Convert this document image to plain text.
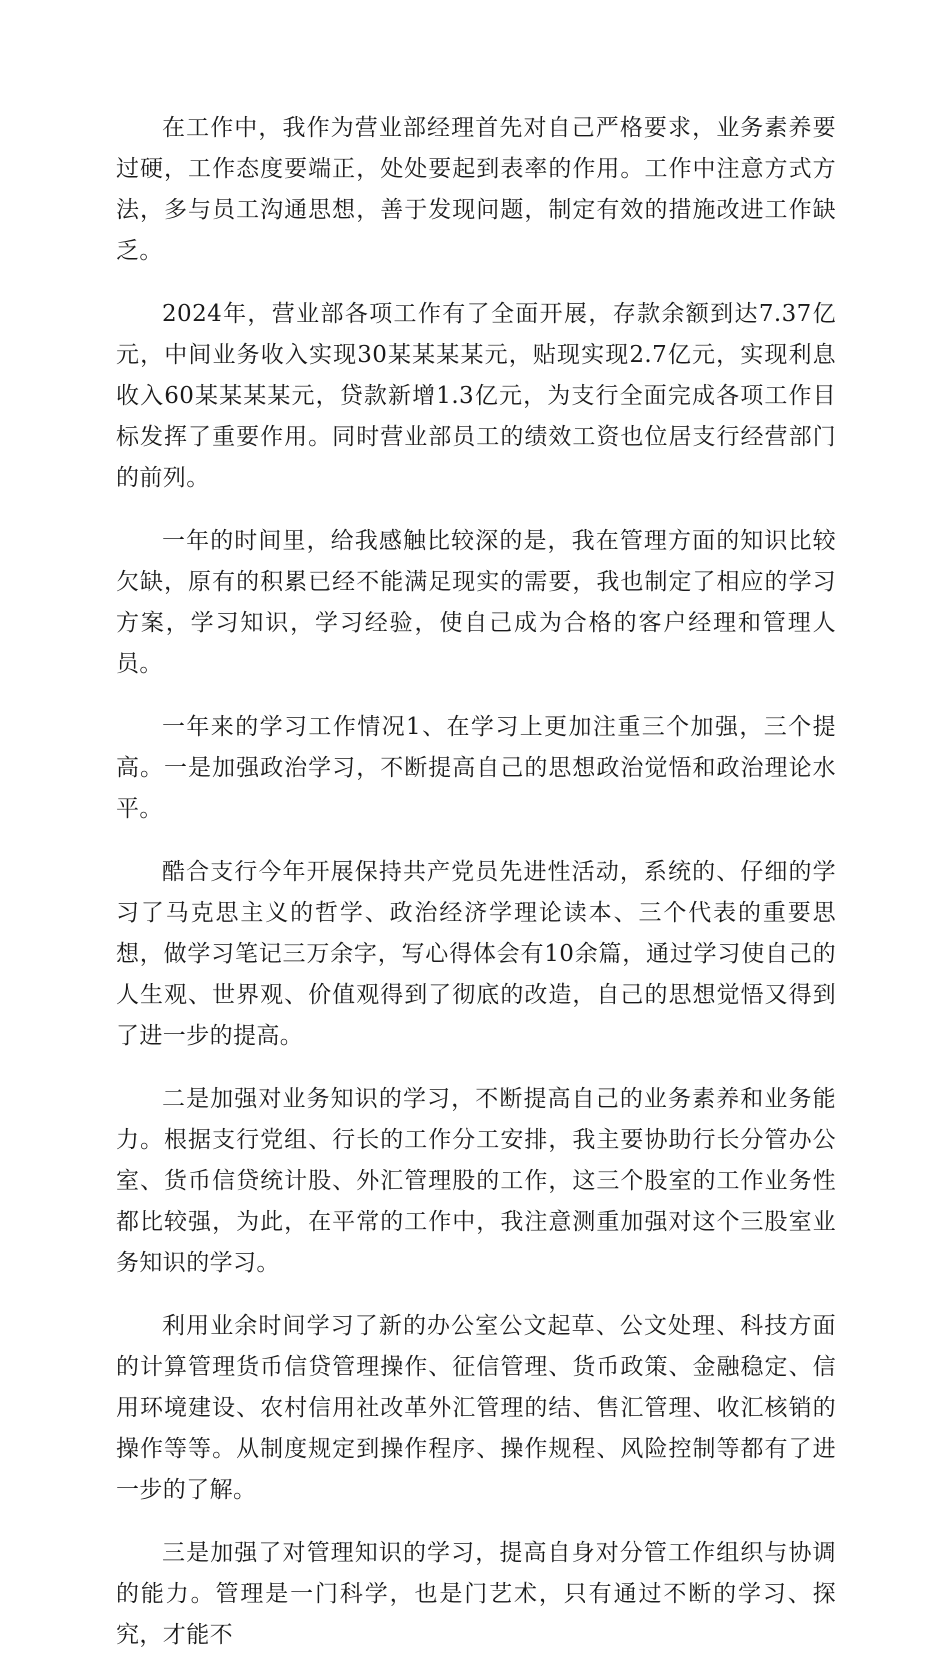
在工作中，我作为营业部经理首先对自己严格要求，业务素养要过硬，工作态度要端正，处处要起到表率的作用。工作中注意方式方法，多与员工沟通思想，善于发现问题，制定有效的措施改进工作缺乏。

2024年，营业部各项工作有了全面开展，存款余额到达7.37亿元，中间业务收入实现30某某某某元，贴现实现2.7亿元，实现利息收入60某某某某元，贷款新增1.3亿元，为支行全面完成各项工作目标发挥了重要作用。同时营业部员工的绩效工资也位居支行经营部门的前列。

一年的时间里，给我感触比较深的是，我在管理方面的知识比较欠缺，原有的积累已经不能满足现实的需要，我也制定了相应的学习方案，学习知识，学习经验，使自己成为合格的客户经理和管理人员。

一年来的学习工作情况1、在学习上更加注重三个加强，三个提高。一是加强政治学习，不断提高自己的思想政治觉悟和政治理论水平。

酷合支行今年开展保持共产党员先进性活动，系统的、仔细的学习了马克思主义的哲学、政治经济学理论读本、三个代表的重要思想，做学习笔记三万余字，写心得体会有10余篇，通过学习使自己的人生观、世界观、价值观得到了彻底的改造，自己的思想觉悟又得到了进一步的提高。

二是加强对业务知识的学习，不断提高自己的业务素养和业务能力。根据支行党组、行长的工作分工安排，我主要协助行长分管办公室、货币信贷统计股、外汇管理股的工作，这三个股室的工作业务性都比较强，为此，在平常的工作中，我注意测重加强对这个三股室业务知识的学习。

利用业余时间学习了新的办公室公文起草、公文处理、科技方面的计算管理货币信贷管理操作、征信管理、货币政策、金融稳定、信用环境建设、农村信用社改革外汇管理的结、售汇管理、收汇核销的操作等等。从制度规定到操作程序、操作规程、风险控制等都有了进一步的了解。

三是加强了对管理知识的学习，提高自身对分管工作组织与协调的能力。管理是一门科学，也是门艺术，只有通过不断的学习、探究，才能不
